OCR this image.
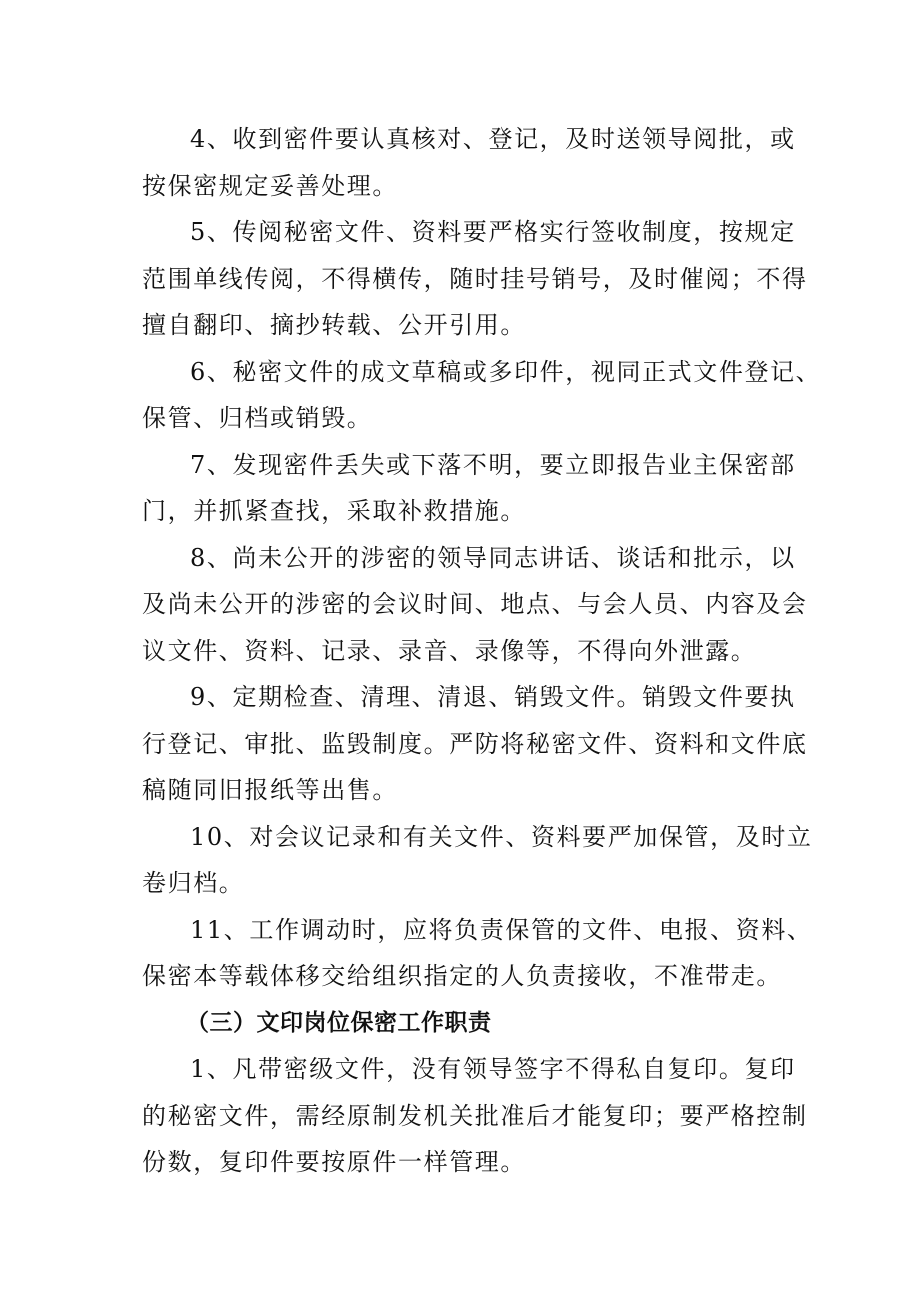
4、收到密件要认真核对、登记，及时送领导阅批，或
按保密规定妥善处理。

5、传阅秘密文件、资料要严格实行签收制度，按规定
范围单线传阅，不得横传，随时挂号销号，及时催阅；不得
擅自翻印、摘抄转载、公开引用。

6、秘密文件的成文草稿或多印件，视同正式文件登记、
保管、归档或销毁。

7、发现密件丢失或下落不明，要立即报告业主保密部
门，并抓紧查找，采取补救措施。

8、尚未公开的涉密的领导同志讲话、谈话和批示，以
及尚未公开的涉密的会议时间、地点、与会人员、内容及会
议文件、资料、记录、录音、录像等，不得向外泄露。

9、定期检查、清理、清退、销毁文件。销毁文件要执
行登记、审批、监毁制度。严防将秘密文件、资料和文件底
稿随同旧报纸等出售。

10、对会议记录和有关文件、资料要严加保管，及时立
卷归档。

11、工作调动时，应将负责保管的文件、电报、资料、
保密本等载体移交给组织指定的人负责接收，不准带走。

（三）文印岗位保密工作职责

1、凡带密级文件，没有领导签字不得私自复印。复印
的秘密文件，需经原制发机关批准后才能复印；要严格控制
份数，复印件要按原件一样管理。
